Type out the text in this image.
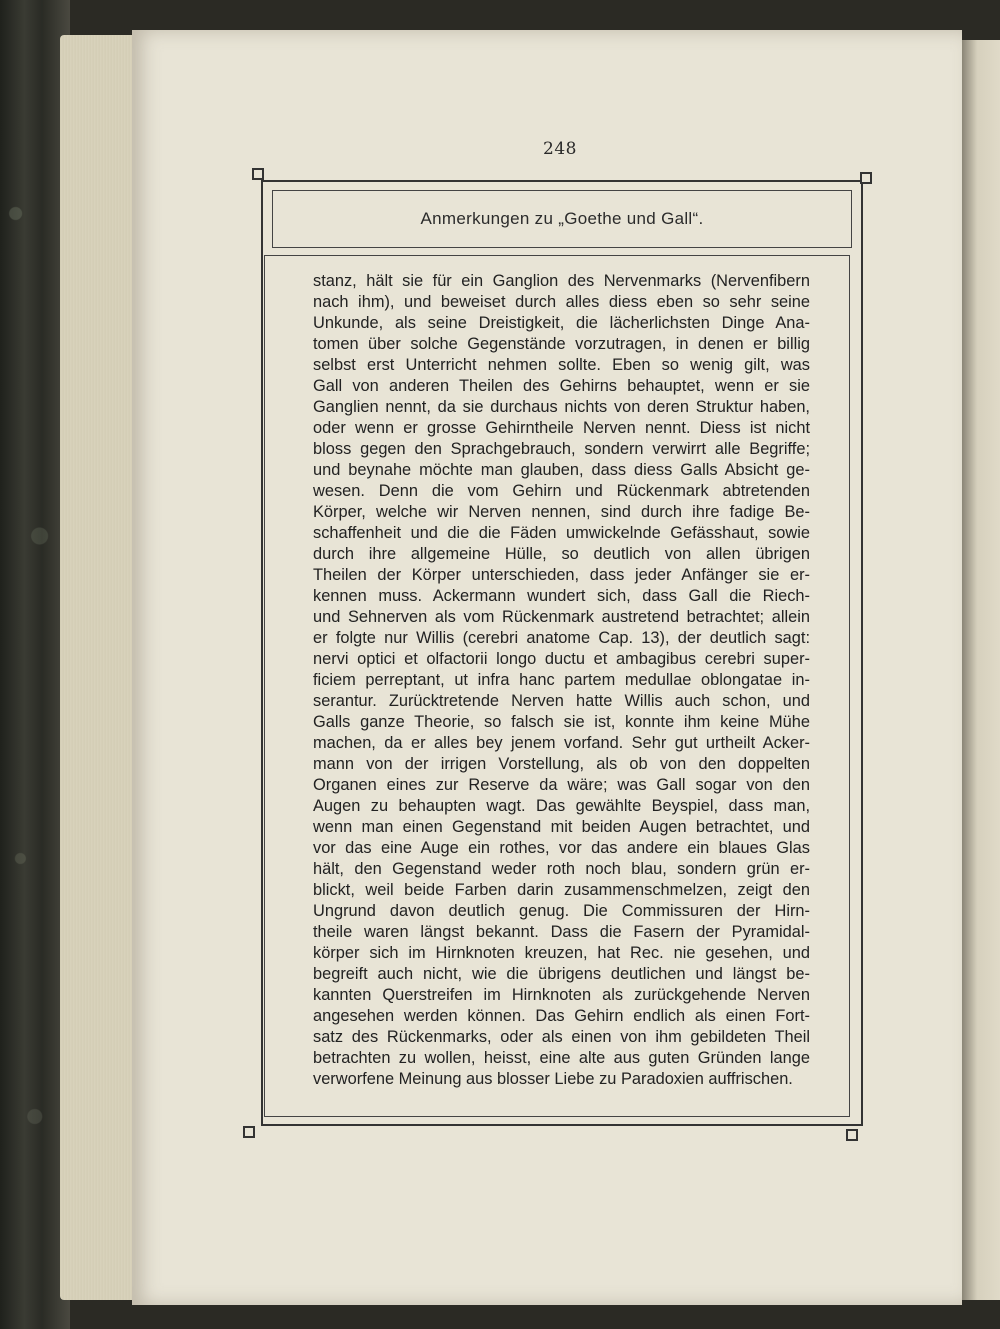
248
Anmerkungen zu „Goethe und Gall“.
stanz, hält sie für ein Ganglion des Nervenmarks (Nervenfibern
nach ihm), und beweiset durch alles diess eben so sehr seine
Unkunde, als seine Dreistigkeit, die lächerlichsten Dinge Ana-
tomen über solche Gegenstände vorzutragen, in denen er billig
selbst erst Unterricht nehmen sollte. Eben so wenig gilt, was
Gall von anderen Theilen des Gehirns behauptet, wenn er sie
Ganglien nennt, da sie durchaus nichts von deren Struktur haben,
oder wenn er grosse Gehirntheile Nerven nennt. Diess ist nicht
bloss gegen den Sprachgebrauch, sondern verwirrt alle Begriffe;
und beynahe möchte man glauben, dass diess Galls Absicht ge-
wesen. Denn die vom Gehirn und Rückenmark abtretenden
Körper, welche wir Nerven nennen, sind durch ihre fadige Be-
schaffenheit und die die Fäden umwickelnde Gefässhaut, sowie
durch ihre allgemeine Hülle, so deutlich von allen übrigen
Theilen der Körper unterschieden, dass jeder Anfänger sie er-
kennen muss. Ackermann wundert sich, dass Gall die Riech-
und Sehnerven als vom Rückenmark austretend betrachtet; allein
er folgte nur Willis (cerebri anatome Cap. 13), der deutlich sagt:
nervi optici et olfactorii longo ductu et ambagibus cerebri super-
ficiem perreptant, ut infra hanc partem medullae oblongatae in-
serantur. Zurücktretende Nerven hatte Willis auch schon, und
Galls ganze Theorie, so falsch sie ist, konnte ihm keine Mühe
machen, da er alles bey jenem vorfand. Sehr gut urtheilt Acker-
mann von der irrigen Vorstellung, als ob von den doppelten
Organen eines zur Reserve da wäre; was Gall sogar von den
Augen zu behaupten wagt. Das gewählte Beyspiel, dass man,
wenn man einen Gegenstand mit beiden Augen betrachtet, und
vor das eine Auge ein rothes, vor das andere ein blaues Glas
hält, den Gegenstand weder roth noch blau, sondern grün er-
blickt, weil beide Farben darin zusammenschmelzen, zeigt den
Ungrund davon deutlich genug. Die Commissuren der Hirn-
theile waren längst bekannt. Dass die Fasern der Pyramidal-
körper sich im Hirnknoten kreuzen, hat Rec. nie gesehen, und
begreift auch nicht, wie die übrigens deutlichen und längst be-
kannten Querstreifen im Hirnknoten als zurückgehende Nerven
angesehen werden können. Das Gehirn endlich als einen Fort-
satz des Rückenmarks, oder als einen von ihm gebildeten Theil
betrachten zu wollen, heisst, eine alte aus guten Gründen lange
verworfene Meinung aus blosser Liebe zu Paradoxien auffrischen.
